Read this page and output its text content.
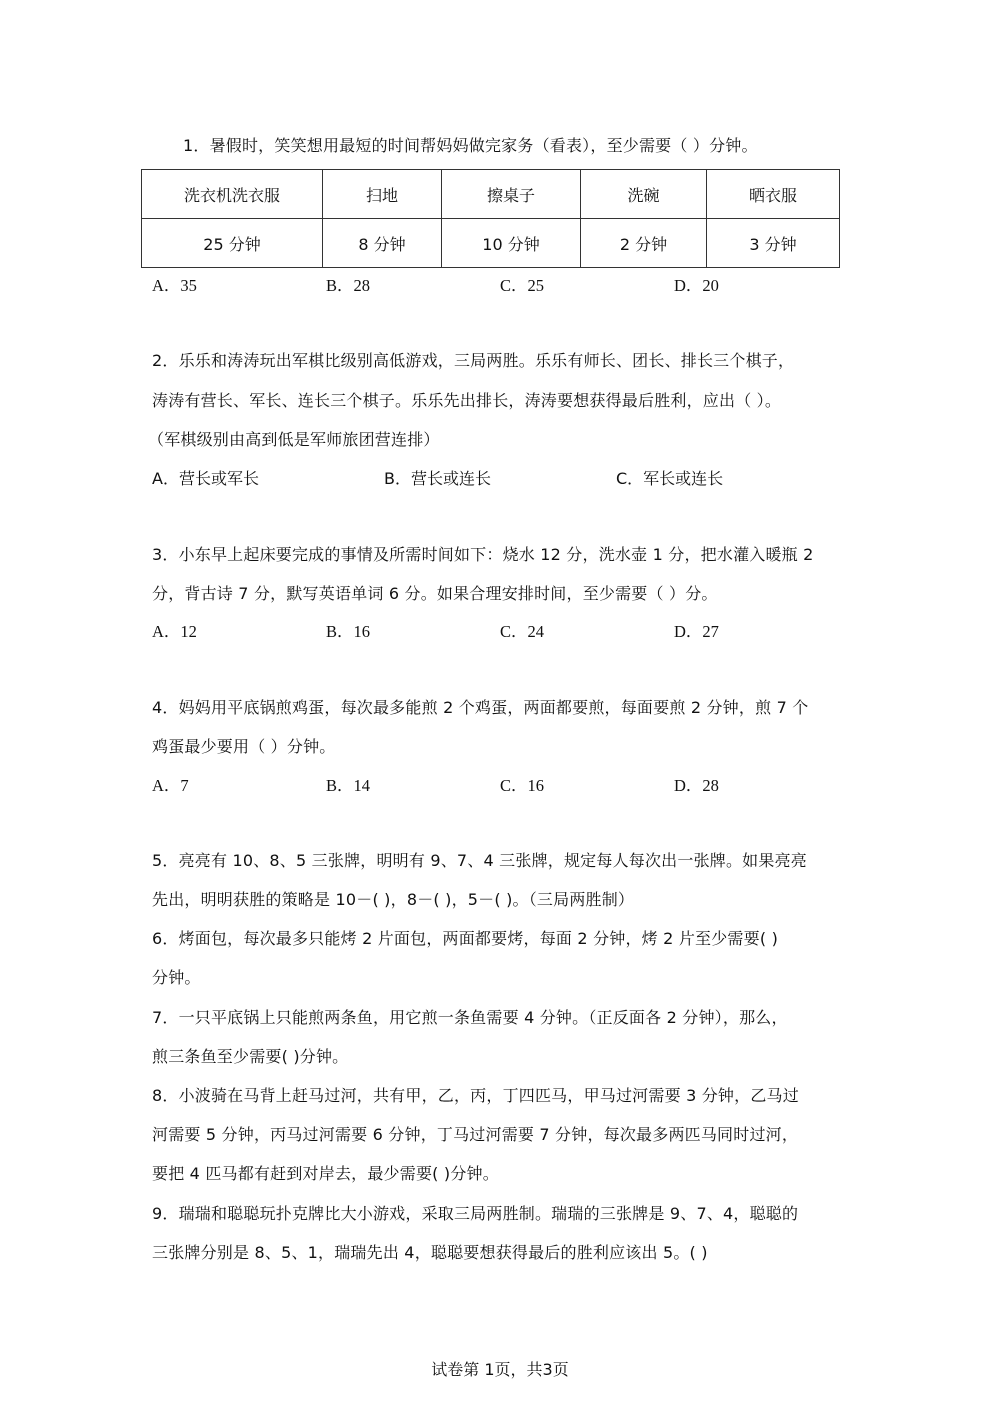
1．暑假时，笑笑想用最短的时间帮妈妈做完家务（看表），至少需要（ ）分钟。
洗衣机洗衣服	扫地	擦桌子	洗碗	晒衣服
25 分钟	8 分钟	10 分钟	2 分钟	3 分钟
A．35	B．28	C．25	D．20
2．乐乐和涛涛玩出军棋比级别高低游戏，三局两胜。乐乐有师长、团长、排长三个棋子，
涛涛有营长、军长、连长三个棋子。乐乐先出排长，涛涛要想获得最后胜利，应出（ ）。
（军棋级别由高到低是军师旅团营连排）
A．营长或军长	B．营长或连长	C．军长或连长
3．小东早上起床要完成的事情及所需时间如下：烧水 12 分，洗水壶 1 分，把水灌入暖瓶 2
分，背古诗 7 分，默写英语单词 6 分。如果合理安排时间，至少需要（ ）分。
A．12	B．16	C．24	D．27
4．妈妈用平底锅煎鸡蛋，每次最多能煎 2 个鸡蛋，两面都要煎，每面要煎 2 分钟，煎 7 个
鸡蛋最少要用（ ）分钟。
A．7	B．14	C．16	D．28
5．亮亮有 10、8、5 三张牌，明明有 9、7、4 三张牌，规定每人每次出一张牌。如果亮亮
先出，明明获胜的策略是 10－( )，8－( )，5－( )。（三局两胜制）
6．烤面包，每次最多只能烤 2 片面包，两面都要烤，每面 2 分钟，烤 2 片至少需要( )
分钟。
7．一只平底锅上只能煎两条鱼，用它煎一条鱼需要 4 分钟。（正反面各 2 分钟），那么，
煎三条鱼至少需要( )分钟。
8．小波骑在马背上赶马过河，共有甲，乙，丙，丁四匹马，甲马过河需要 3 分钟，乙马过
河需要 5 分钟，丙马过河需要 6 分钟，丁马过河需要 7 分钟，每次最多两匹马同时过河，
要把 4 匹马都有赶到对岸去，最少需要( )分钟。
9．瑞瑞和聪聪玩扑克牌比大小游戏，采取三局两胜制。瑞瑞的三张牌是 9、7、4，聪聪的
三张牌分别是 8、5、1，瑞瑞先出 4，聪聪要想获得最后的胜利应该出 5。( )
试卷第 1页，共3页
